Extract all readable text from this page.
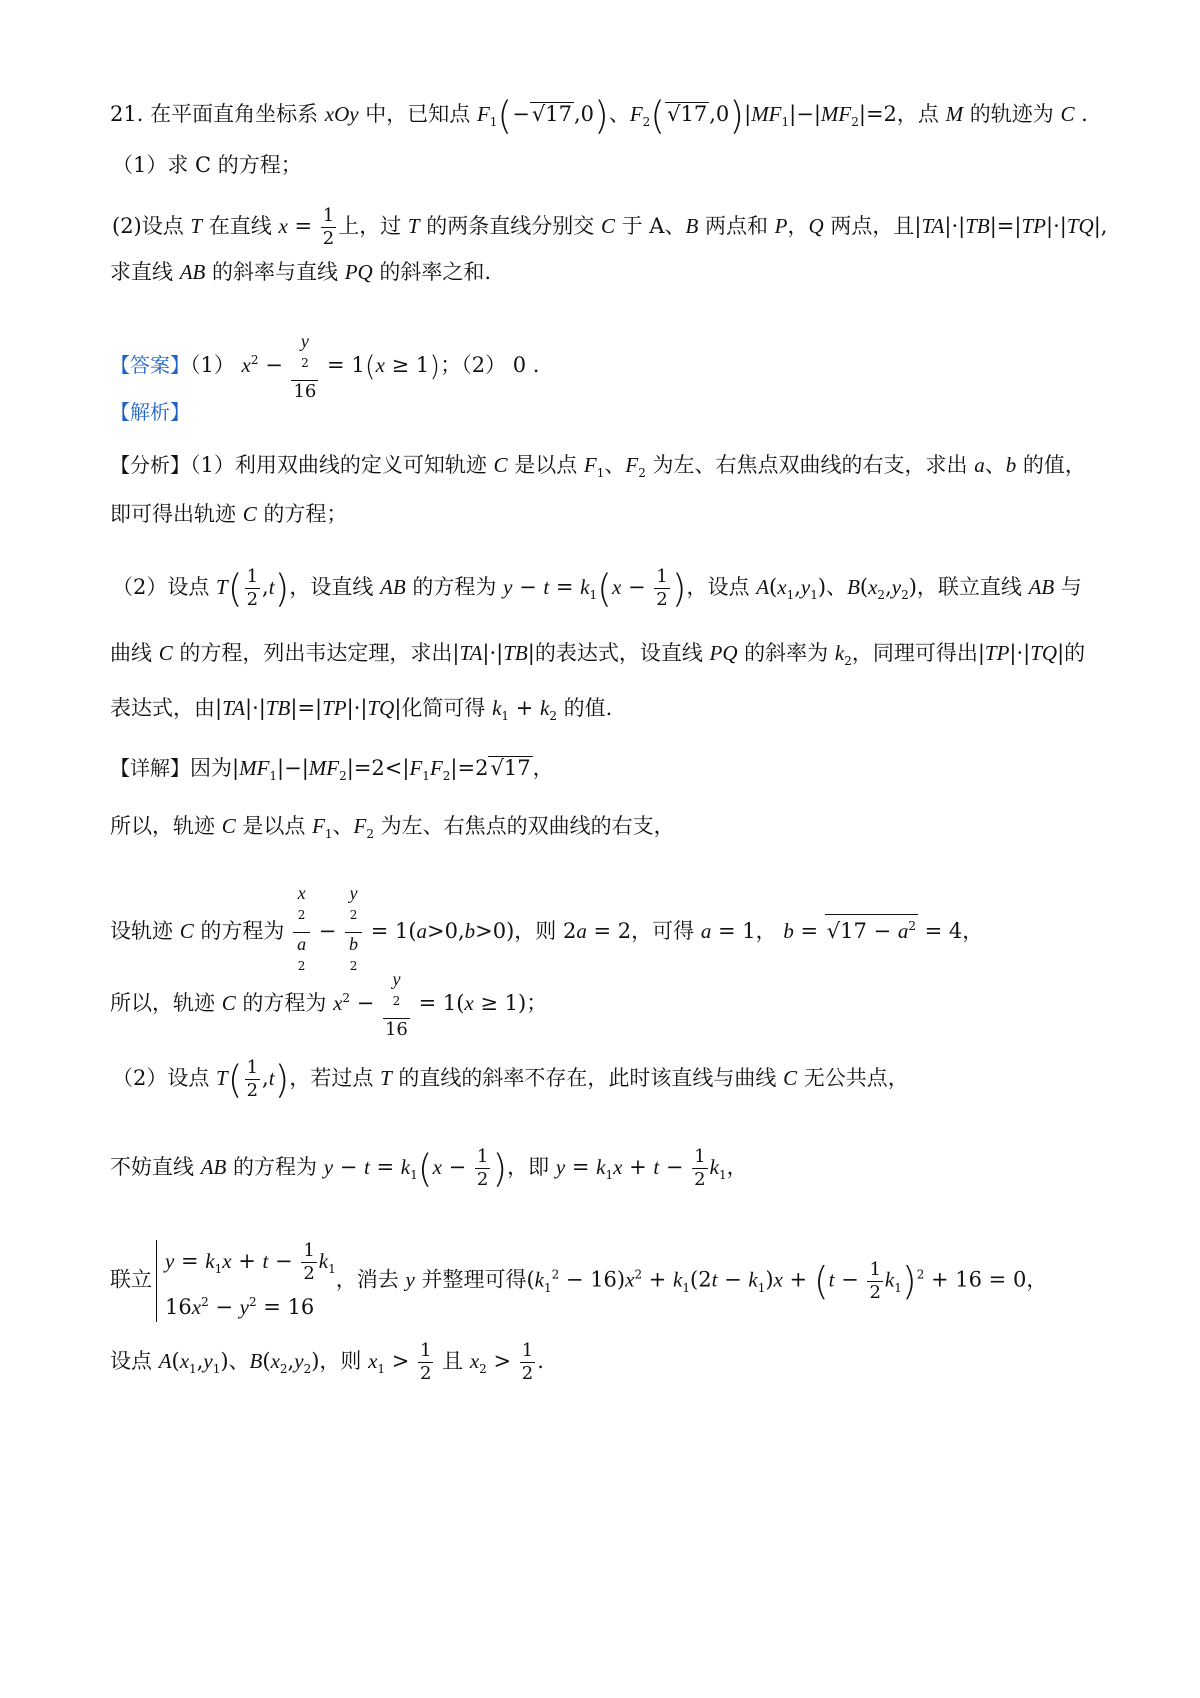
21. 在平面直角坐标系 xOy 中，已知点 $F_1(-√17,0)$、$F_2(√17,0)|MF_1|-|MF_2|=2$，点 M 的轨迹为 C .
（1）求 C 的方程；
(2)设点 T 在直线 $x = \frac{1}{2}$ 上，过 T 的两条直线分别交 C 于 A、B 两点和 P，Q 两点，且|TA|·|TB|=|TP|·|TQ|,
求直线 AB 的斜率与直线 PQ 的斜率之和.
【答案】（1） $x^2 - y$
$^2$
16 = 1(x ≥ 1)；（2） 0 .
【解析】
【分析】（1）利用双曲线的定义可知轨迹 C 是以点 $F_1$、$F_2$ 为左、右焦点双曲线的右支，求出 a、b 的值，
即可得出轨迹 C 的方程；
（2）设点 $T( \frac{1}{2} ,t)$，设直线 AB 的方程为 $y - t = k_1(x - \frac{1}{2}$ )，设点 $A(x_1,y_1)$、$B(x_2,y_2)$，联立直线 AB 与
曲线 C 的方程，列出韦达定理，求出|TA|·|TB|的表达式，设直线 PQ 的斜率为 $k_2$，同理可得出|TP|·|TQ|的
表达式，由|TA|·|TB|=|TP|·|TQ|化简可得 $k_1 + k_2$ 的值.
【详解】因为$|MF_1|-|MF_2|=2<|F_1F_2|=2√17$，
所以，轨迹 C 是以点 $F_1$、$F_2$ 为左、右焦点的双曲线的右支，
设轨迹 C 的方程为 x
$^2$
a
$^2$ − y
$^2$
b
$^2$ = 1(a>0,b>0)，则 2a = 2，可得 a = 1， $b = √17 - a^2 = 4$，
所以，轨迹 C 的方程为 $x^2 - y$
$^2$
16 = 1(x ≥ 1)；
（2）设点 $T( \frac{1}{2} ,t)$，若过点 T 的直线的斜率不存在，此时该直线与曲线 C 无公共点，
不妨直线 AB 的方程为 $y - t = k_1(x - \frac{1}{2}$ )，即 $y = k_1x + t - \frac{1}{2} k_1$，
联立
$y = k_1x + t - \frac{1}{2} k_1$
$16x^2 - y^2 = 16$
，消去 y 并整理可得$(k_1^2 - 16)x^2 + k_1(2t - k_1)x + (t - \frac{1}{2} k_1)^2 + 16 = 0$，
设点 $A(x_1,y_1)$、$B(x_2,y_2)$，则 $x_1 > \frac{1}{2}$ 且 $x_2 > \frac{1}{2}$ .
